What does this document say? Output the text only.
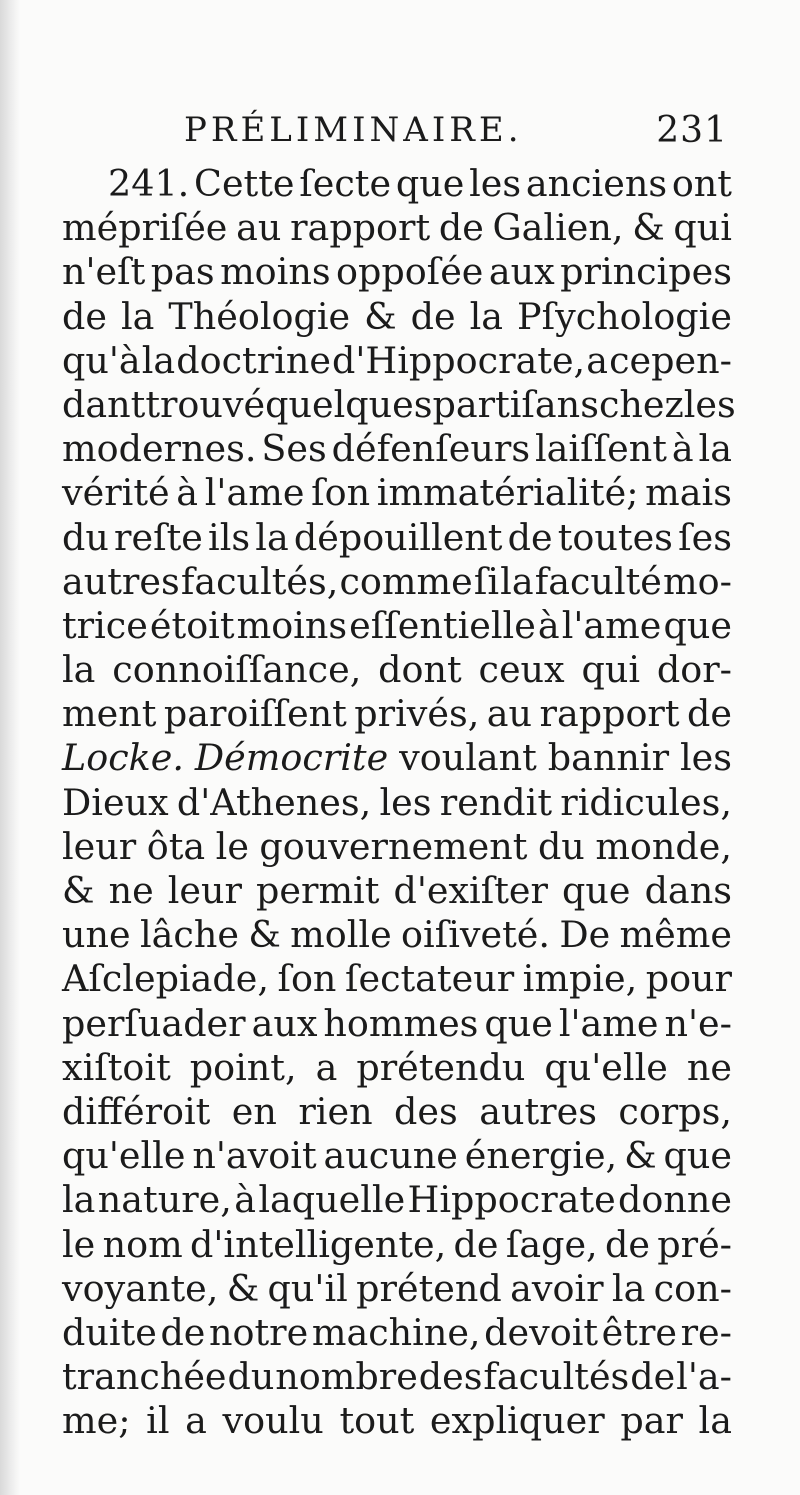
PRÉLIMINAIRE.	231
241. Cette ſecte que les anciens ont
mépriſée au rapport de Galien, & qui
n'eſt pas moins oppoſée aux principes
de la Théologie & de la Pſychologie
qu'à la doctrine d'Hippocrate, a cepen-
dant trouvé quelques partiſans chez les
modernes. Ses défenſeurs laiſſent à la
vérité à l'ame ſon immatérialité; mais
du reſte ils la dépouillent de toutes ſes
autres facultés, comme ſi la faculté mo-
trice étoit moins eſſentielle à l'ame que
la connoiſſance, dont ceux qui dor-
ment paroiſſent privés, au rapport de
Locke. Démocrite voulant bannir les
Dieux d'Athenes, les rendit ridicules,
leur ôta le gouvernement du monde,
& ne leur permit d'exiſter que dans
une lâche & molle oiſiveté. De même
Aſclepiade, ſon ſectateur impie, pour
perſuader aux hommes que l'ame n'e-
xiſtoit point, a prétendu qu'elle ne
différoit en rien des autres corps,
qu'elle n'avoit aucune énergie, & que
la nature, à laquelle Hippocrate donne
le nom d'intelligente, de ſage, de pré-
voyante, & qu'il prétend avoir la con-
duite de notre machine, devoit être re-
tranchée du nombre des facultés de l'a-
me; il a voulu tout expliquer par la
